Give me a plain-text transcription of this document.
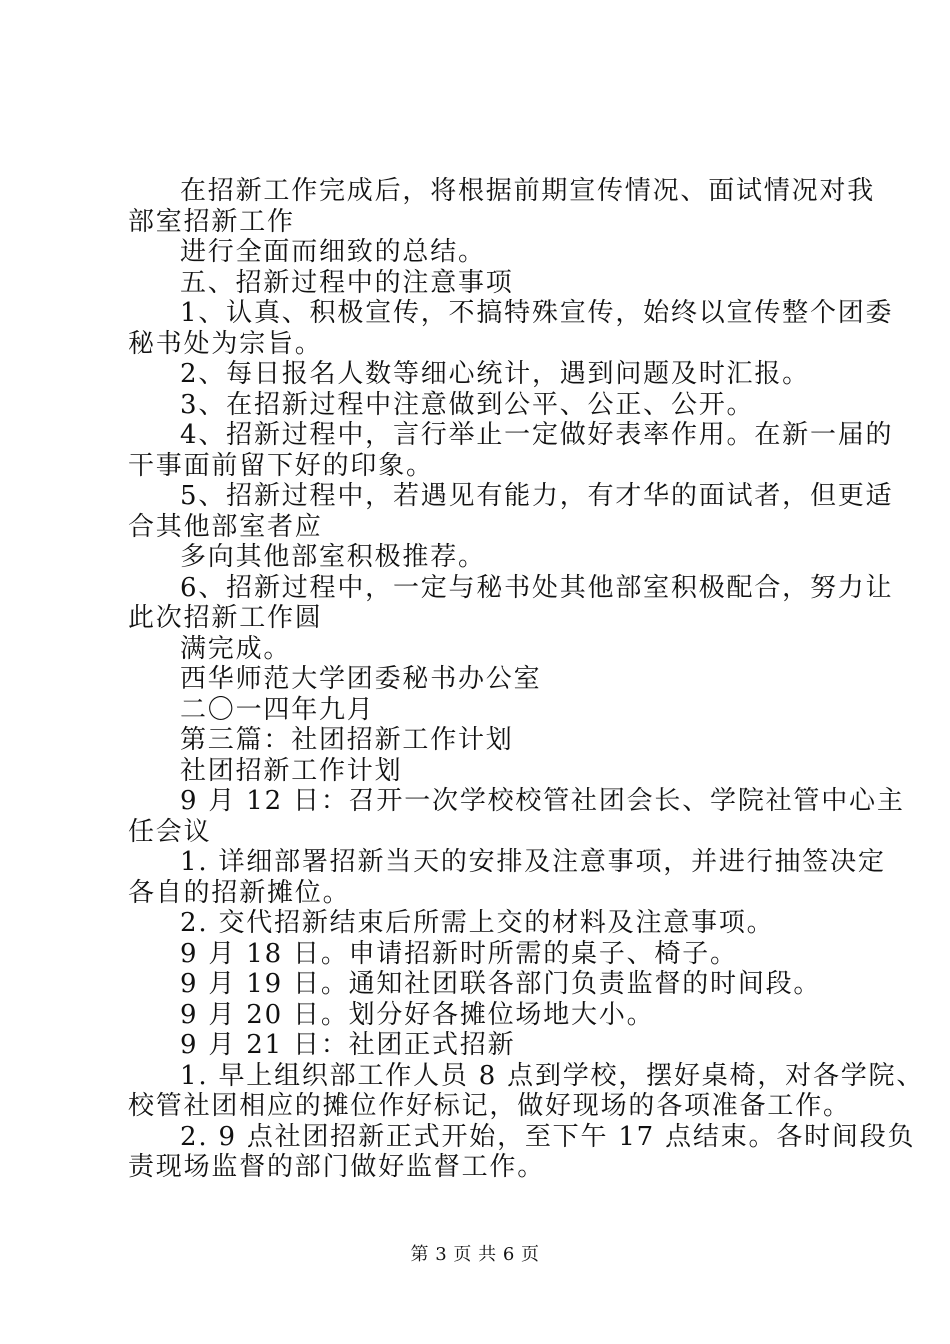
在招新工作完成后，将根据前期宣传情况、面试情况对我

部室招新工作

进行全面而细致的总结。

五、招新过程中的注意事项

1、认真、积极宣传，不搞特殊宣传，始终以宣传整个团委

秘书处为宗旨。

2、每日报名人数等细心统计，遇到问题及时汇报。

3、在招新过程中注意做到公平、公正、公开。

4、招新过程中，言行举止一定做好表率作用。在新一届的

干事面前留下好的印象。

5、招新过程中，若遇见有能力，有才华的面试者，但更适

合其他部室者应

多向其他部室积极推荐。

6、招新过程中，一定与秘书处其他部室积极配合，努力让

此次招新工作圆

满完成。

西华师范大学团委秘书办公室

二〇一四年九月

第三篇：社团招新工作计划

社团招新工作计划

9 月 12 日：召开一次学校校管社团会长、学院社管中心主

任会议

1. 详细部署招新当天的安排及注意事项，并进行抽签决定

各自的招新摊位。

2. 交代招新结束后所需上交的材料及注意事项。

9 月 18 日。申请招新时所需的桌子、椅子。

9 月 19 日。通知社团联各部门负责监督的时间段。

9 月 20 日。划分好各摊位场地大小。

9 月 21 日：社团正式招新

1. 早上组织部工作人员 8 点到学校，摆好桌椅，对各学院、

校管社团相应的摊位作好标记，做好现场的各项准备工作。

2. 9 点社团招新正式开始，至下午 17 点结束。各时间段负

责现场监督的部门做好监督工作。

第 3 页 共 6 页
